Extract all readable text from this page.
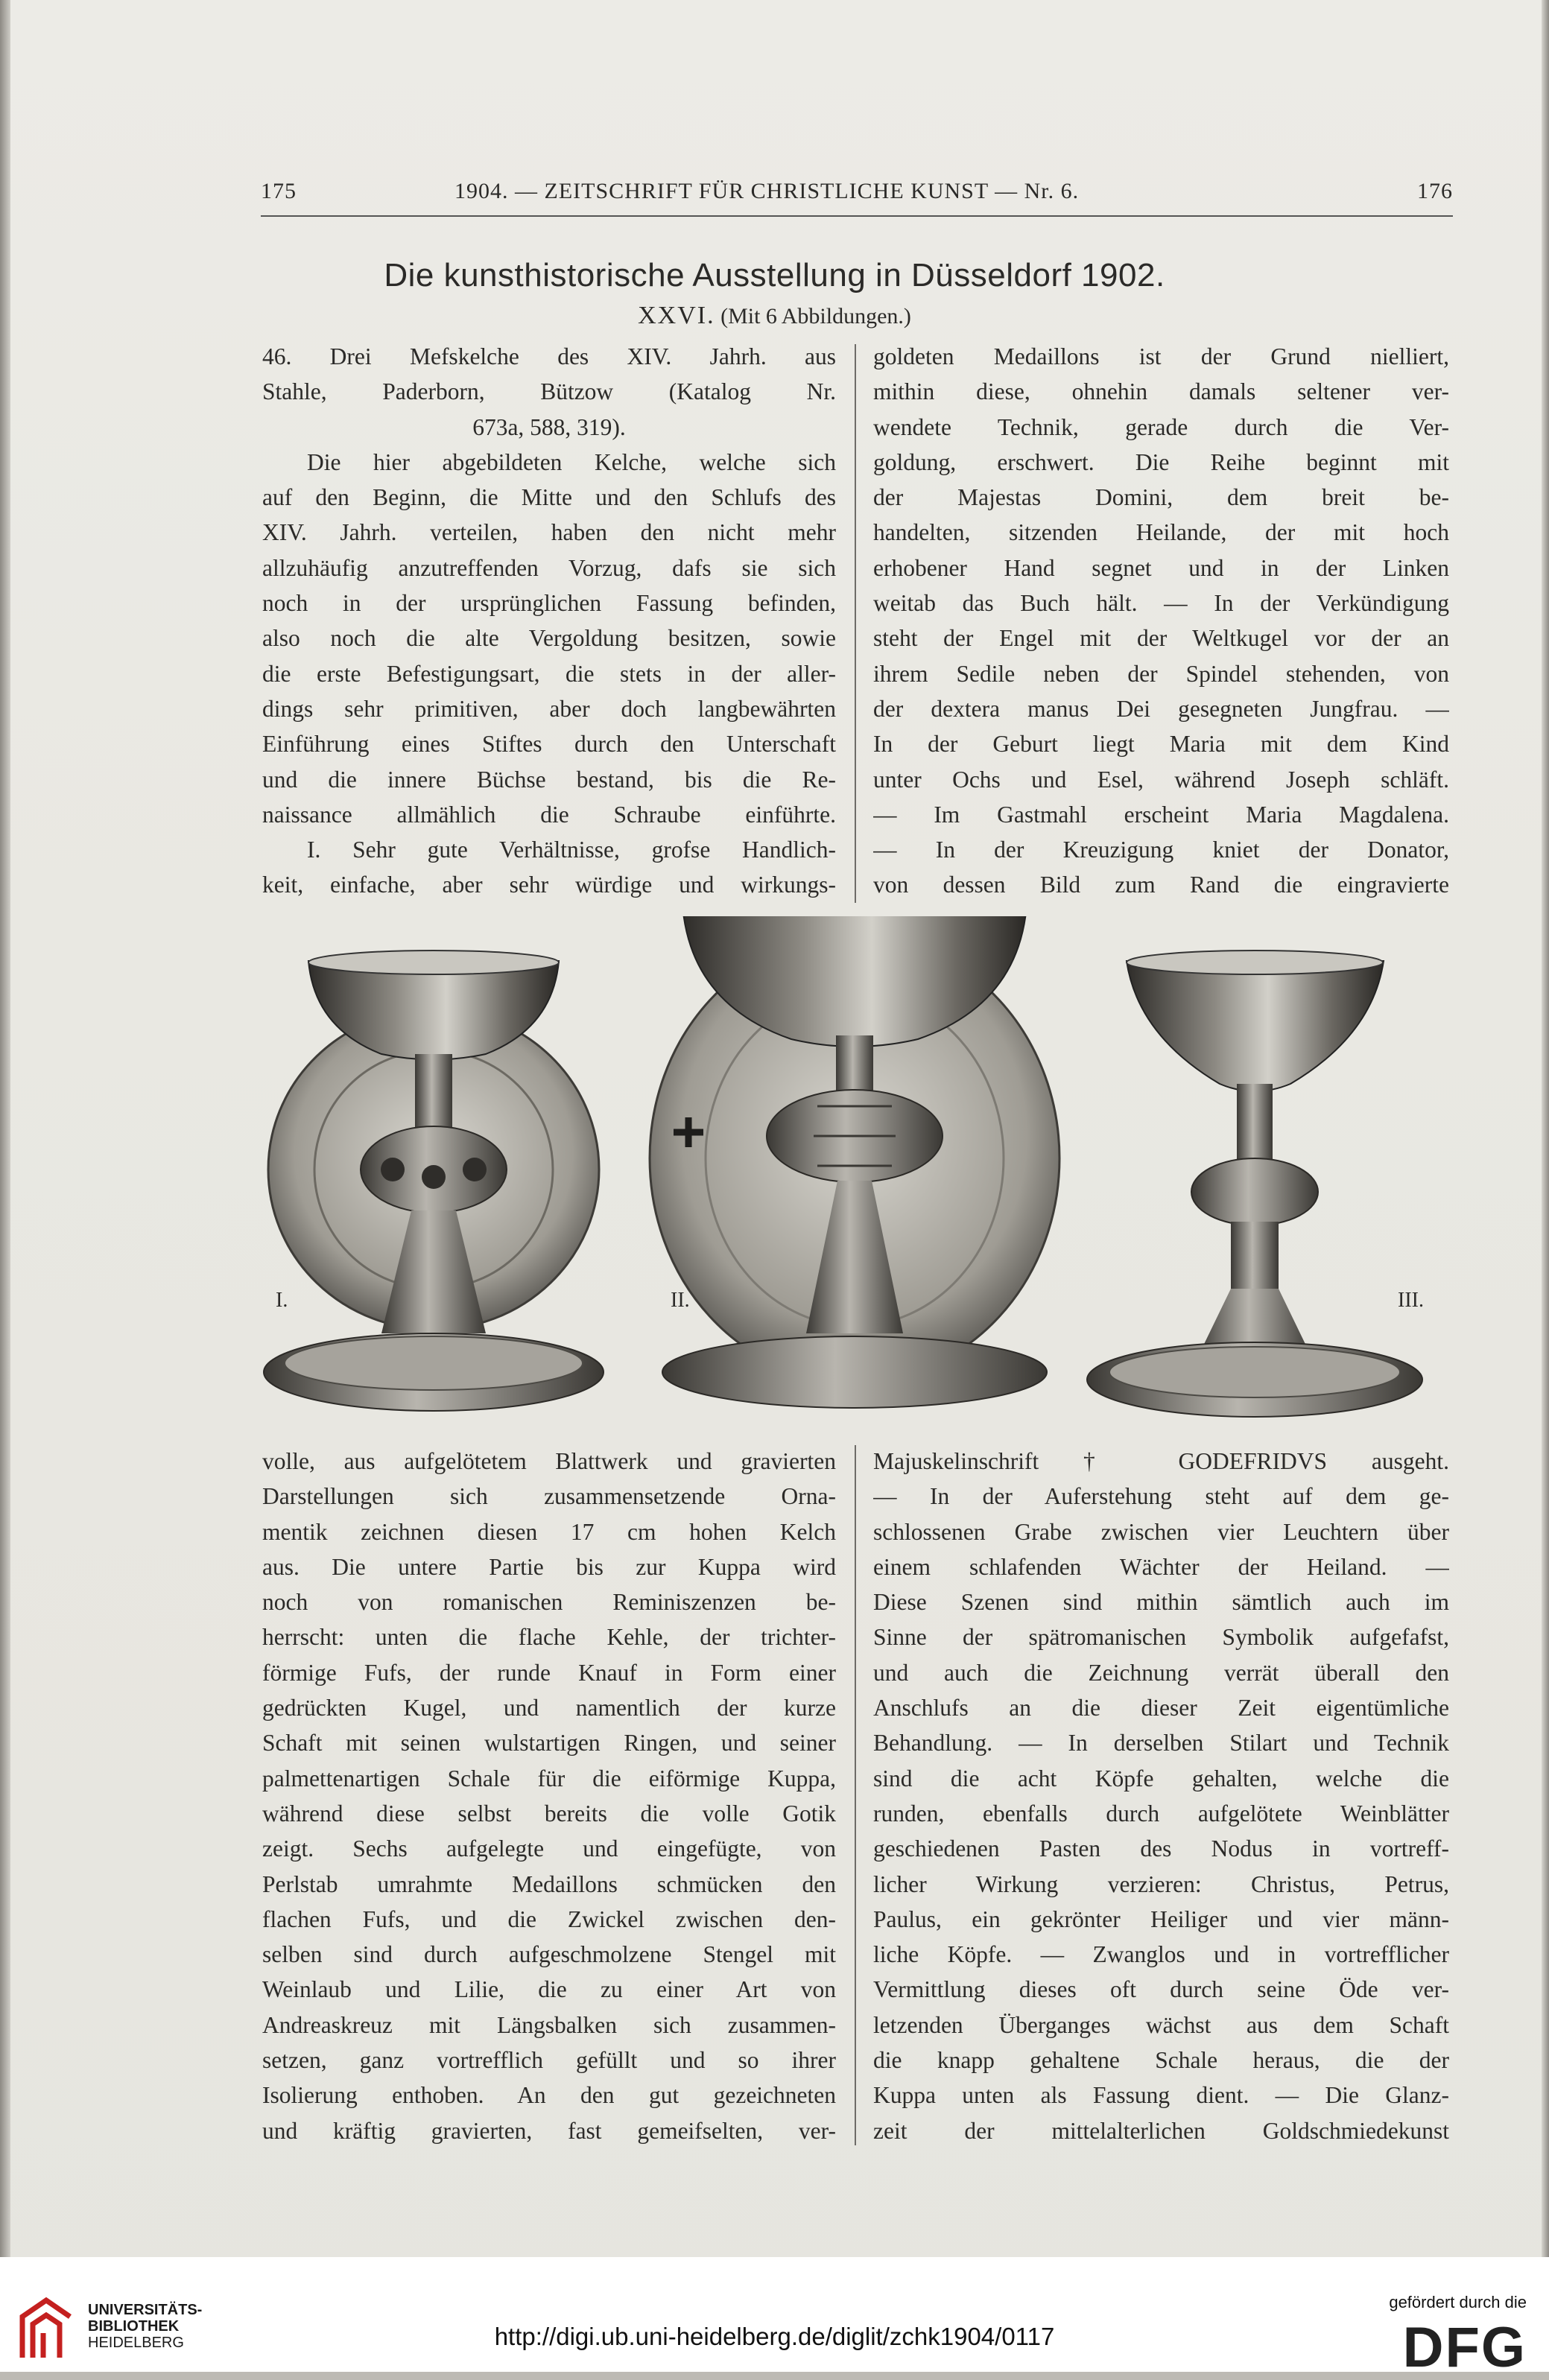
175	1904. — ZEITSCHRIFT FÜR CHRISTLICHE KUNST — Nr. 6.	176
Die kunsthistorische Ausstellung in Düsseldorf 1902.
XXVI. (Mit 6 Abbildungen.)
46. Drei Mefskelche des XIV. Jahrh. aus
Stahle, Paderborn, Bützow (Katalog Nr.
673a, 588, 319).
Die hier abgebildeten Kelche, welche sich
auf den Beginn, die Mitte und den Schlufs des
XIV. Jahrh. verteilen, haben den nicht mehr
allzuhäufig anzutreffenden Vorzug, dafs sie sich
noch in der ursprünglichen Fassung befinden,
also noch die alte Vergoldung besitzen, sowie
die erste Befestigungsart, die stets in der aller-
dings sehr primitiven, aber doch langbewährten
Einführung eines Stiftes durch den Unterschaft
und die innere Büchse bestand, bis die Re-
naissance allmählich die Schraube einführte.
I. Sehr gute Verhältnisse, grofse Handlich-
keit, einfache, aber sehr würdige und wirkungs-
goldeten Medaillons ist der Grund nielliert,
mithin diese, ohnehin damals seltener ver-
wendete Technik, gerade durch die Ver-
goldung, erschwert. Die Reihe beginnt mit
der Majestas Domini, dem breit be-
handelten, sitzenden Heilande, der mit hoch
erhobener Hand segnet und in der Linken
weitab das Buch hält. — In der Verkündigung
steht der Engel mit der Weltkugel vor der an
ihrem Sedile neben der Spindel stehenden, von
der dextera manus Dei gesegneten Jungfrau. —
In der Geburt liegt Maria mit dem Kind
unter Ochs und Esel, während Joseph schläft.
— Im Gastmahl erscheint Maria Magdalena.
— In der Kreuzigung kniet der Donator,
von dessen Bild zum Rand die eingravierte
I.	II.	III.
volle, aus aufgelötetem Blattwerk und gravierten
Darstellungen sich zusammensetzende Orna-
mentik zeichnen diesen 17 cm hohen Kelch
aus. Die untere Partie bis zur Kuppa wird
noch von romanischen Reminiszenzen be-
herrscht: unten die flache Kehle, der trichter-
förmige Fufs, der runde Knauf in Form einer
gedrückten Kugel, und namentlich der kurze
Schaft mit seinen wulstartigen Ringen, und seiner
palmettenartigen Schale für die eiförmige Kuppa,
während diese selbst bereits die volle Gotik
zeigt. Sechs aufgelegte und eingefügte, von
Perlstab umrahmte Medaillons schmücken den
flachen Fufs, und die Zwickel zwischen den-
selben sind durch aufgeschmolzene Stengel mit
Weinlaub und Lilie, die zu einer Art von
Andreaskreuz mit Längsbalken sich zusammen-
setzen, ganz vortrefflich gefüllt und so ihrer
Isolierung enthoben. An den gut gezeichneten
und kräftig gravierten, fast gemeifselten, ver-
Majuskelinschrift † GODEFRIDVS ausgeht.
— In der Auferstehung steht auf dem ge-
schlossenen Grabe zwischen vier Leuchtern über
einem schlafenden Wächter der Heiland. —
Diese Szenen sind mithin sämtlich auch im
Sinne der spätromanischen Symbolik aufgefafst,
und auch die Zeichnung verrät überall den
Anschlufs an die dieser Zeit eigentümliche
Behandlung. — In derselben Stilart und Technik
sind die acht Köpfe gehalten, welche die
runden, ebenfalls durch aufgelötete Weinblätter
geschiedenen Pasten des Nodus in vortreff-
licher Wirkung verzieren: Christus, Petrus,
Paulus, ein gekrönter Heiliger und vier männ-
liche Köpfe. — Zwanglos und in vortrefflicher
Vermittlung dieses oft durch seine Öde ver-
letzenden Überganges wächst aus dem Schaft
die knapp gehaltene Schale heraus, die der
Kuppa unten als Fassung dient. — Die Glanz-
zeit der mittelalterlichen Goldschmiedekunst
UNIVERSITÄTS-
BIBLIOTHEK
HEIDELBERG	http://digi.ub.uni-heidelberg.de/diglit/zchk1904/0117
gefördert durch die
DFG
